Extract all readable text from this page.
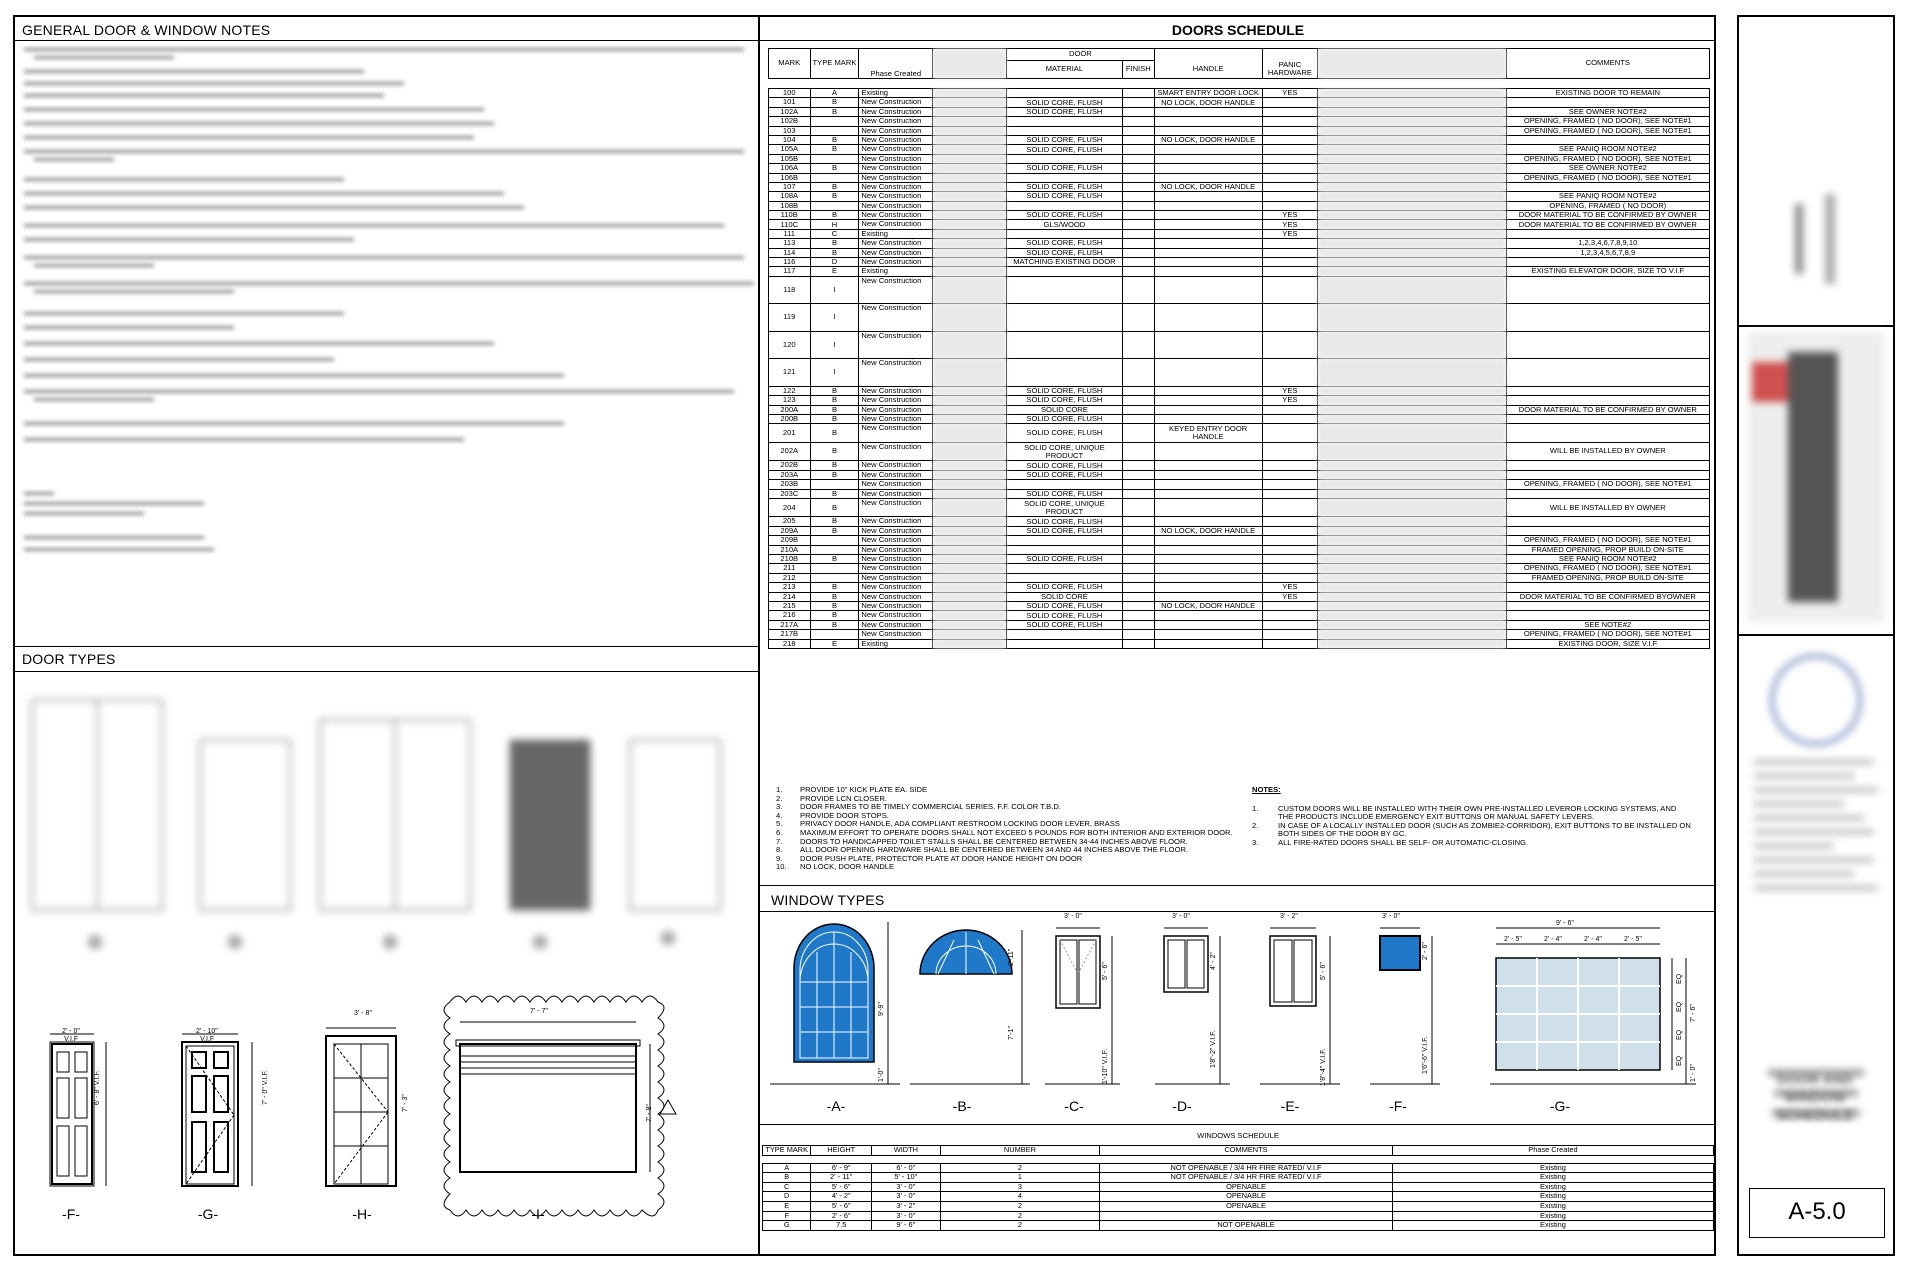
GENERAL DOOR & WINDOW NOTES
DOOR TYPES
2' - 0"
V.I.F
6' - 8" V.I.F.
2' - 10"
V.I.F
7' - 0" V.I.F.
3' - 8"
7' - 3"
7' - 7"
7' - 8"
-F-	-G-	-H-	-I-
DOORS SCHEDULE
MARK	TYPE MARK	Phase Created		DOOR					COMMENTS
				MATERIAL	FINISH	HANDLE	PANIC HARDWARE		

100	A	Existing				SMART ENTRY DOOR LOCK	YES		EXISTING DOOR TO REMAIN
101	B	New Construction		SOLID CORE, FLUSH		NO LOCK, DOOR HANDLE			
102A	B	New Construction		SOLID CORE, FLUSH					SEE OWNER NOTE#2
102B		New Construction							OPENING, FRAMED ( NO DOOR), SEE NOTE#1
103		New Construction							OPENING, FRAMED ( NO DOOR), SEE NOTE#1
104	B	New Construction		SOLID CORE, FLUSH		NO LOCK, DOOR HANDLE			
105A	B	New Construction		SOLID CORE, FLUSH					SEE PANIQ ROOM NOTE#2
105B		New Construction							OPENING, FRAMED ( NO DOOR), SEE NOTE#1
106A	B	New Construction		SOLID CORE, FLUSH					SEE OWNER NOTE#2
106B		New Construction							OPENING, FRAMED ( NO DOOR), SEE NOTE#1
107	B	New Construction		SOLID CORE, FLUSH		NO LOCK, DOOR HANDLE			
108A	B	New Construction		SOLID CORE, FLUSH					SEE PANIQ ROOM NOTE#2
108B		New Construction							OPENING, FRAMED ( NO DOOR)
110B	B	New Construction		SOLID CORE, FLUSH			YES		DOOR MATERIAL TO BE CONFIRMED BY OWNER
110C	H	New Construction		GLS/WOOD			YES		DOOR MATERIAL TO BE CONFIRMED BY OWNER
111	C	Existing					YES		
113	B	New Construction		SOLID CORE, FLUSH					1,2,3,4,6,7,8,9,10
114	B	New Construction		SOLID CORE, FLUSH					1,2,3,4,5,6,7,8,9
116	D	New Construction		MATCHING EXISTING DOOR					
117	E	Existing							EXISTING ELEVATOR DOOR, SIZE TO V.I.F
118	I	New Construction							
119	I	New Construction							
120	I	New Construction							
121	I	New Construction							
122	B	New Construction		SOLID CORE, FLUSH			YES		
123	B	New Construction		SOLID CORE, FLUSH			YES		
200A	B	New Construction		SOLID CORE					DOOR MATERIAL TO BE CONFIRMED BY OWNER
200B	B	New Construction		SOLID CORE, FLUSH					
201	B	New Construction		SOLID CORE, FLUSH		KEYED ENTRY DOOR HANDLE			
202A	B	New Construction		SOLID CORE, UNIQUE PRODUCT					WILL BE INSTALLED BY OWNER
202B	B	New Construction		SOLID CORE, FLUSH					
203A	B	New Construction		SOLID CORE, FLUSH					
203B		New Construction							OPENING, FRAMED ( NO DOOR), SEE NOTE#1
203C	B	New Construction		SOLID CORE, FLUSH					
204	B	New Construction		SOLID CORE, UNIQUE PRODUCT					WILL BE INSTALLED BY OWNER
205	B	New Construction		SOLID CORE, FLUSH					
209A	B	New Construction		SOLID CORE, FLUSH		NO LOCK, DOOR HANDLE			
209B		New Construction							OPENING, FRAMED ( NO DOOR), SEE NOTE#1
210A		New Construction							FRAMED OPENING, PROP BUILD ON-SITE
210B	B	New Construction		SOLID CORE, FLUSH					SEE PANIQ ROOM NOTE#2
211		New Construction							OPENING, FRAMED ( NO DOOR), SEE NOTE#1
212		New Construction							FRAMED OPENING, PROP BUILD ON-SITE
213	B	New Construction		SOLID CORE, FLUSH			YES		
214	B	New Construction		SOLID CORE			YES		DOOR MATERIAL TO BE CONFIRMED BYOWNER
215	B	New Construction		SOLID CORE, FLUSH		NO LOCK, DOOR HANDLE			
216	B	New Construction		SOLID CORE, FLUSH					
217A	B	New Construction		SOLID CORE, FLUSH					SEE NOTE#2
217B		New Construction							OPENING, FRAMED ( NO DOOR), SEE NOTE#1
218	E	Existing							EXISTING DOOR, SIZE V.I.F
1. PROVIDE 10" KICK PLATE EA. SIDE
2. PROVIDE LCN CLOSER.
3. DOOR FRAMES TO BE TIMELY COMMERCIAL SERIES. F.F. COLOR T.B.D.
4. PROVIDE DOOR STOPS.
5. PRIVACY DOOR HANDLE, ADA COMPLIANT RESTROOM LOCKING DOOR LEVER, BRASS
6. MAXIMUM EFFORT TO OPERATE DOORS SHALL NOT EXCEED 5 POUNDS FOR BOTH INTERIOR AND EXTERIOR DOOR.
7. DOORS TO HANDICAPPED TOILET STALLS SHALL BE CENTERED BETWEEN 34-44 INCHES ABOVE FLOOR.
8. ALL DOOR OPENING HARDWARE SHALL BE CENTERED BETWEEN 34 AND 44 INCHES ABOVE THE FLOOR.
9. DOOR PUSH PLATE, PROTECTOR PLATE AT DOOR HANDE HEIGHT ON DOOR
10. NO LOCK, DOOR HANDLE
NOTES:
1.	CUSTOM DOORS WILL BE INSTALLED WITH THEIR OWN PRE-INSTALLED LEVEROR LOCKING SYSTEMS, AND THE PRODUCTS INCLUDE EMERGENCY EXIT BUTTONS OR MANUAL SAFETY LEVERS.
2.	IN CASE OF A LOCALLY INSTALLED DOOR (SUCH AS ZOMBIE2-CORRIDOR), EXIT BUTTONS TO BE INSTALLED ON BOTH SIDES OF THE DOOR BY GC.
3.	ALL FIRE-RATED DOORS SHALL BE SELF- OR AUTOMATIC-CLOSING.
WINDOW TYPES
9'-9"
1'-0"
2'-11"
7'-1"
3' - 0"
5' - 6"
1'-10" V.I.F.
3' - 0"
4' - 2"
1'8"-2" V.I.F.
3' - 2"
5' - 6"
1'8"-4" V.I.F.
3' - 0"
2' - 6"
1'6"-6" V.I.F.
9' - 6"
2' - 5"	2' - 4"	2' - 4"	2' - 5"
EQ
EQ
EQ
EQ
7' - 6"
1' - 0"
-A-	-B-	-C-	-D-	-E-	-F-	-G-
WINDOWS SCHEDULE
TYPE MARK	HEIGHT	WIDTH	NUMBER	COMMENTS	Phase Created

A	6' - 9"	6' - 0"	2	NOT OPENABLE / 3/4 HR FIRE RATED/ V.I.F	Existing
B	2' - 11"	5' - 10"	1	NOT OPENABLE / 3/4 HR FIRE RATED/ V.I.F	Existing
C	5' - 6"	3' - 0"	3	OPENABLE	Existing
D	4' - 2"	3' - 0"	4	OPENABLE	Existing
E	5' - 6"	3' - 2"	2	OPENABLE	Existing
F	2' - 6"	3' - 0"	2		Existing
G	7.5	9' - 6"	2	NOT OPENABLE	Existing
DOOR AND WINDOW SCHEDULE
A-5.0
